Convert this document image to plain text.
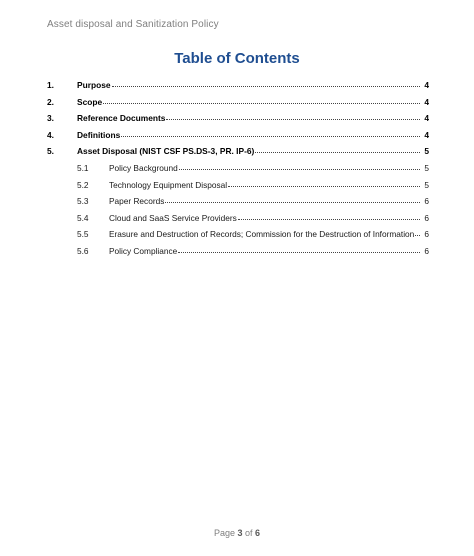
Asset disposal and Sanitization Policy
Table of Contents
1.	Purpose	4
2.	Scope	4
3.	Reference Documents	4
4.	Definitions	4
5.	Asset Disposal (NIST CSF PS.DS-3, PR. IP-6)	5
5.1	Policy Background	5
5.2	Technology Equipment Disposal	5
5.3	Paper Records	6
5.4	Cloud and SaaS Service Providers	6
5.5	Erasure and Destruction of Records; Commission for the Destruction of Information	6
5.6	Policy Compliance	6
Page 3 of 6
